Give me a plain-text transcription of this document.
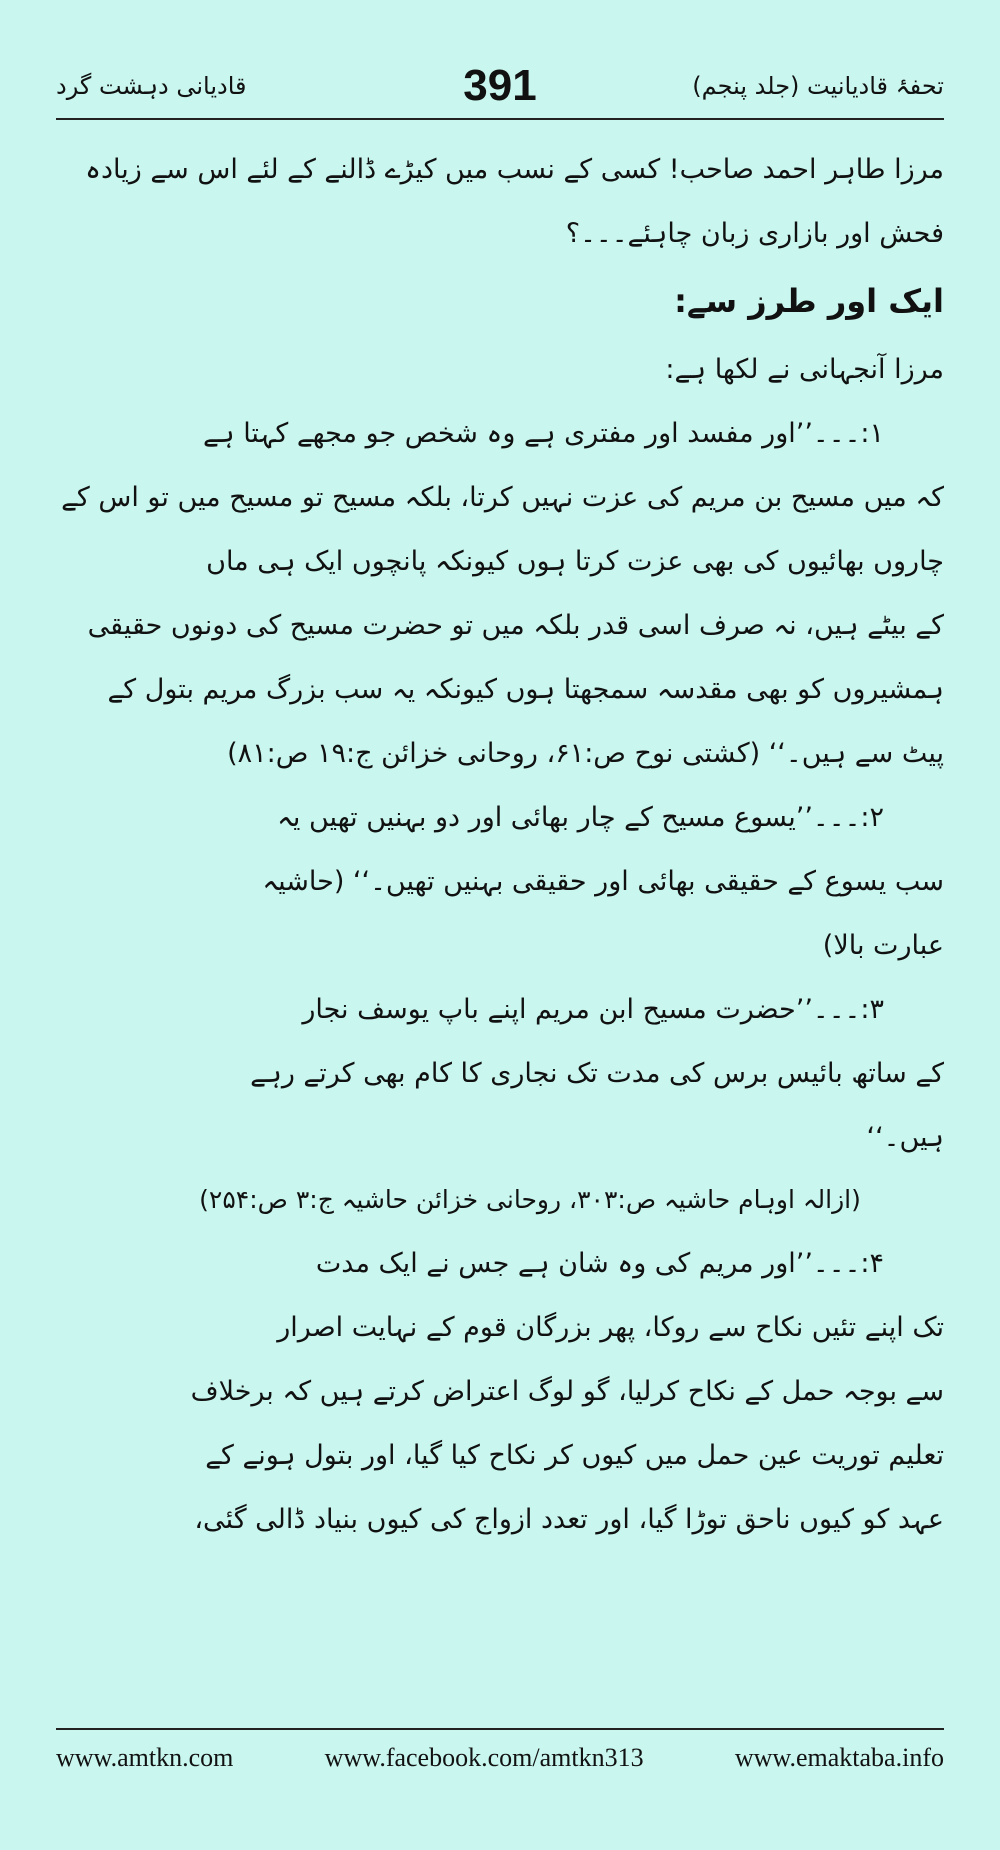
قادیانی دہشت گرد	391	تحفۂ قادیانیت (جلد پنجم)
مرزا طاہر احمد صاحب! کسی کے نسب میں کیڑے ڈالنے کے لئے اس سے زیادہ
فحش اور بازاری زبان چاہئے۔۔۔؟
ایک اور طرز سے:
مرزا آنجہانی نے لکھا ہے:
۱:۔۔۔’’اور مفسد اور مفتری ہے وہ شخص جو مجھے کہتا ہے
کہ میں مسیح بن مریم کی عزت نہیں کرتا، بلکہ مسیح تو مسیح میں تو اس کے
چاروں بھائیوں کی بھی عزت کرتا ہوں کیونکہ پانچوں ایک ہی ماں
کے بیٹے ہیں، نہ صرف اسی قدر بلکہ میں تو حضرت مسیح کی دونوں حقیقی
ہمشیروں کو بھی مقدسہ سمجھتا ہوں کیونکہ یہ سب بزرگ مریم بتول کے
پیٹ سے ہیں۔‘‘ (کشتی نوح ص:۶۱، روحانی خزائن ج:۱۹ ص:۸۱)
۲:۔۔۔’’یسوع مسیح کے چار بھائی اور دو بہنیں تھیں یہ
سب یسوع کے حقیقی بھائی اور حقیقی بہنیں تھیں۔‘‘ (حاشیہ
عبارت بالا)
۳:۔۔۔’’حضرت مسیح ابن مریم اپنے باپ یوسف نجار
کے ساتھ بائیس برس کی مدت تک نجاری کا کام بھی کرتے رہے
ہیں۔‘‘
(ازالہ اوہام حاشیہ ص:۳۰۳، روحانی خزائن حاشیہ ج:۳ ص:۲۵۴)
۴:۔۔۔’’اور مریم کی وہ شان ہے جس نے ایک مدت
تک اپنے تئیں نکاح سے روکا، پھر بزرگان قوم کے نہایت اصرار
سے بوجہ حمل کے نکاح کرلیا، گو لوگ اعتراض کرتے ہیں کہ برخلاف
تعلیم توریت عین حمل میں کیوں کر نکاح کیا گیا، اور بتول ہونے کے
عہد کو کیوں ناحق توڑا گیا، اور تعدد ازواج کی کیوں بنیاد ڈالی گئی،
www.amtkn.com	www.facebook.com/amtkn313	www.emaktaba.info
